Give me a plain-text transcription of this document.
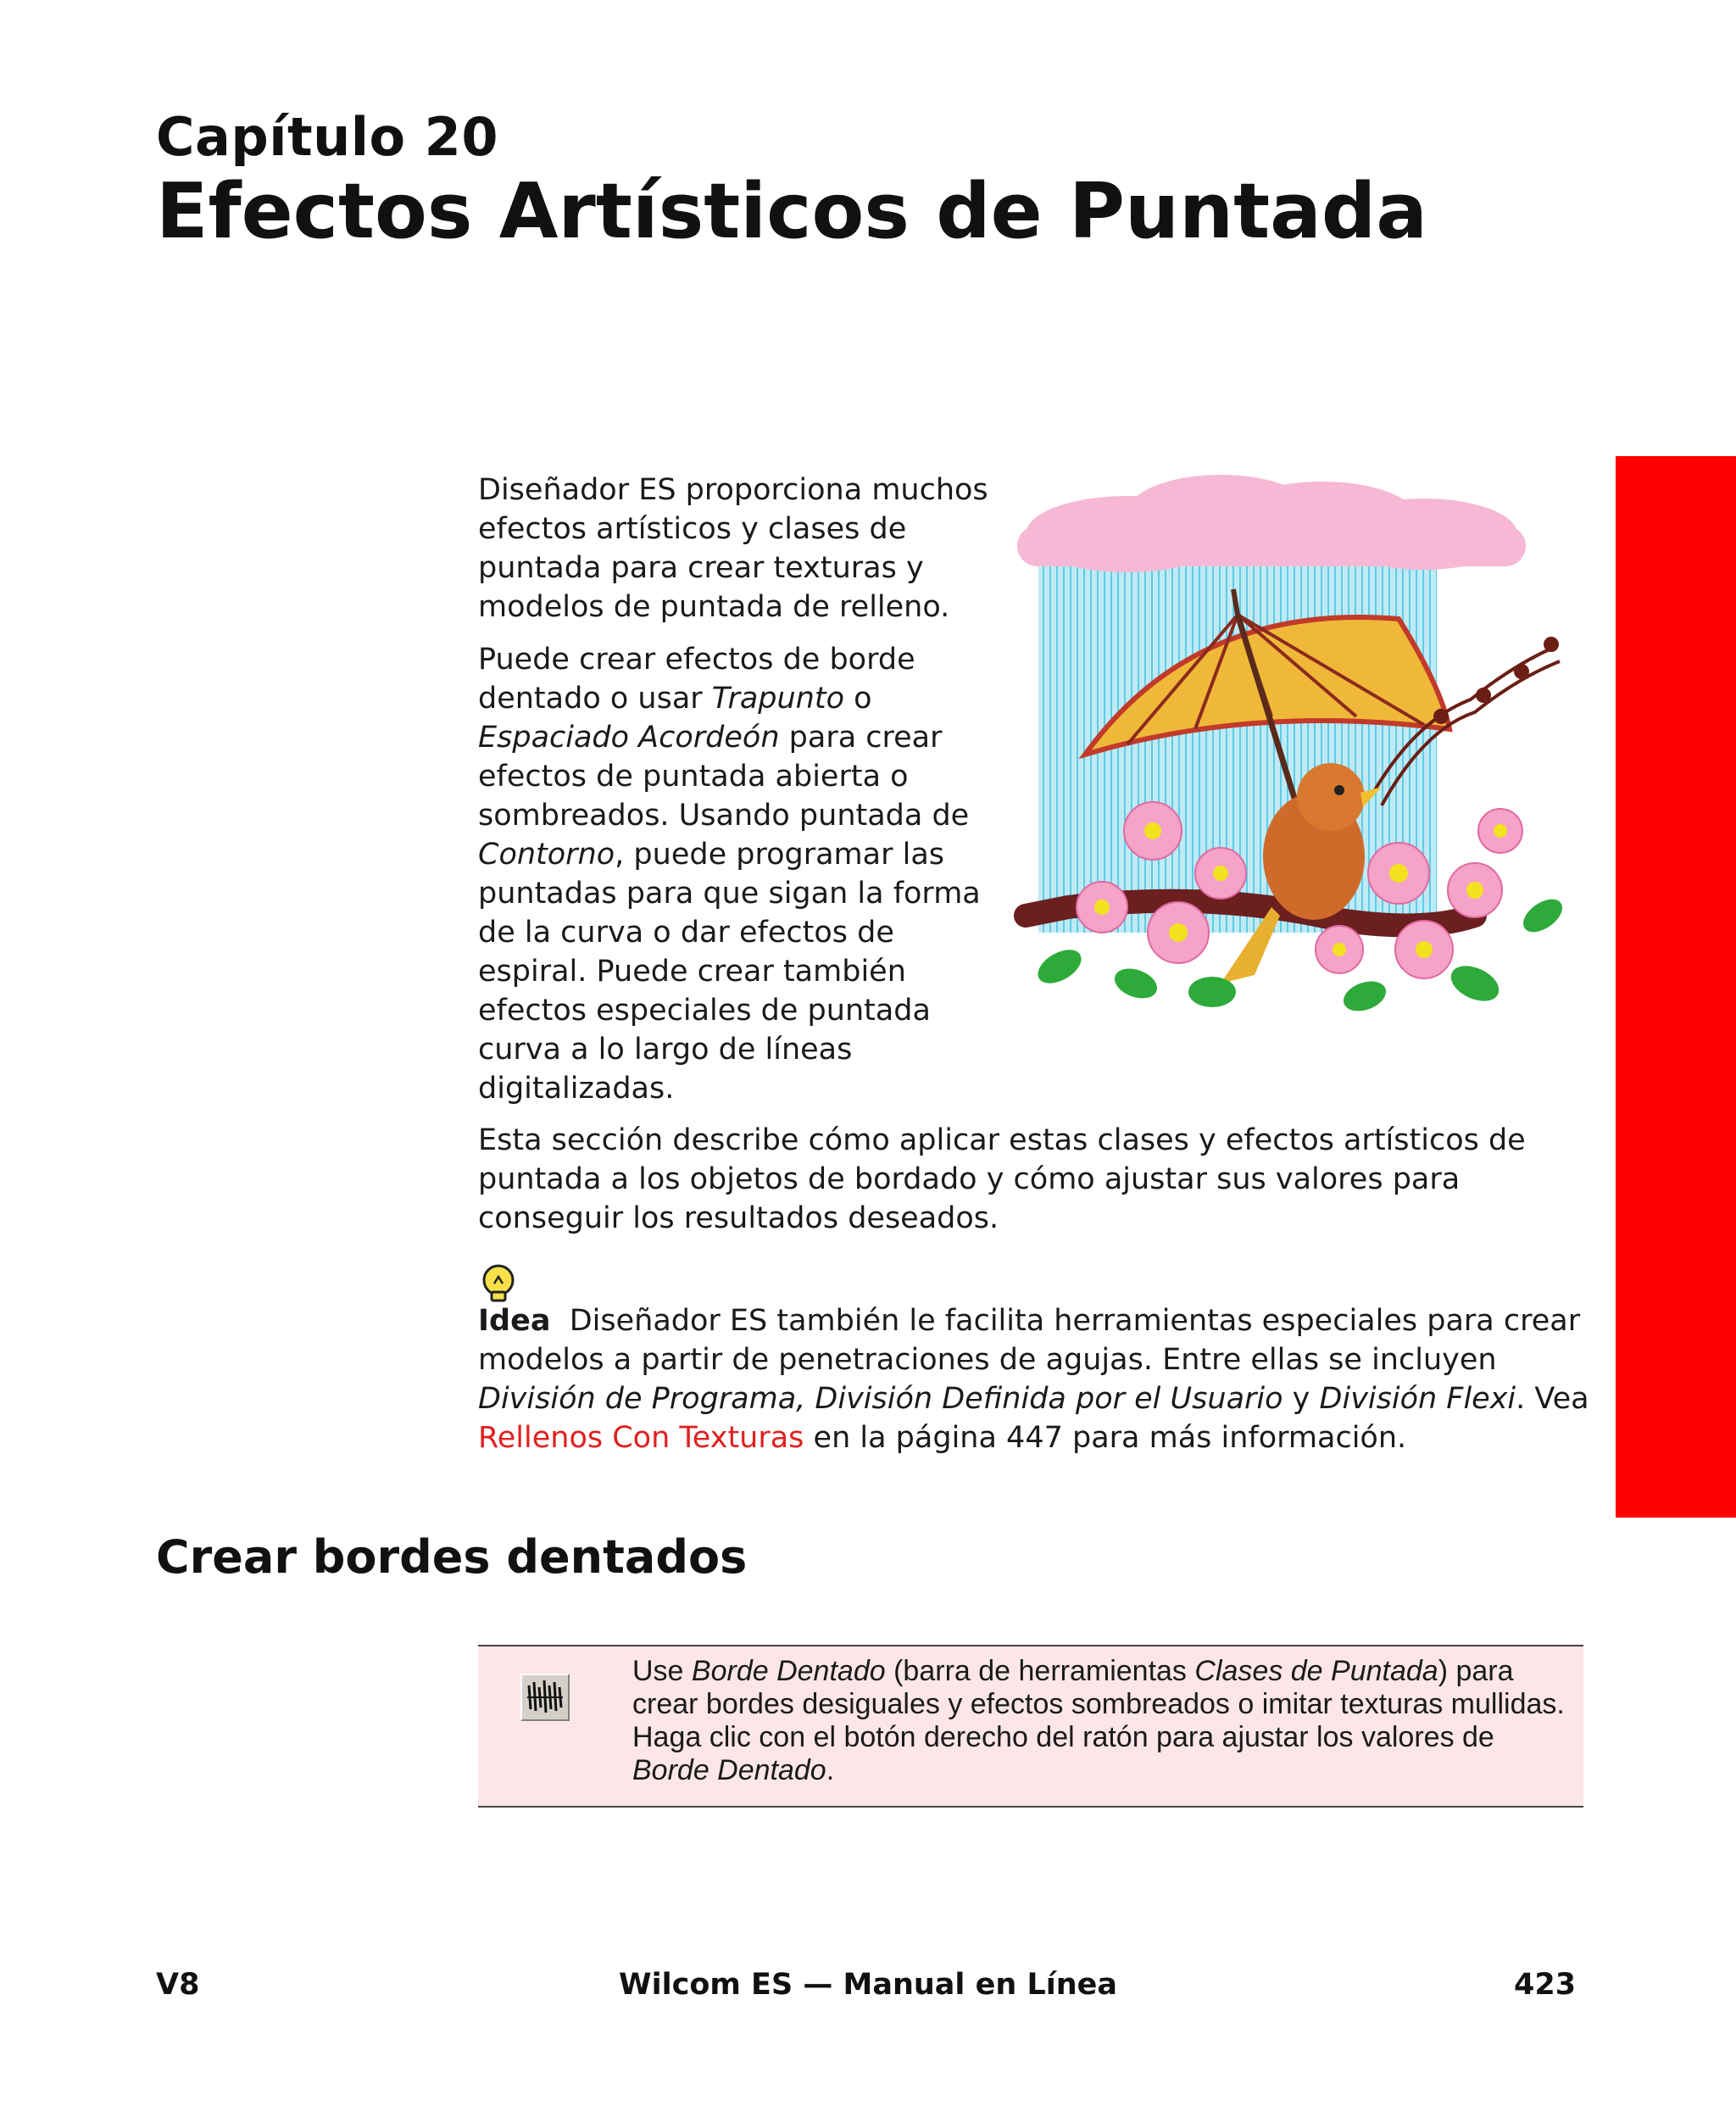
Capítulo 20
Efectos Artísticos de Puntada
Diseñador ES proporciona muchos efectos artísticos y clases de puntada para crear texturas y modelos de puntada de relleno.
Puede crear efectos de borde dentado o usar Trapunto o Espaciado Acordeón para crear efectos de puntada abierta o sombreados. Usando puntada de Contorno, puede programar las puntadas para que sigan la forma de la curva o dar efectos de espiral. Puede crear también efectos especiales de puntada curva a lo largo de líneas digitalizadas.
Esta sección describe cómo aplicar estas clases y efectos artísticos de puntada a los objetos de bordado y cómo ajustar sus valores para conseguir los resultados deseados.
Idea Diseñador ES también le facilita herramientas especiales para crear modelos a partir de penetraciones de agujas. Entre ellas se incluyen División de Programa, División Definida por el Usuario y División Flexi. Vea Rellenos Con Texturas en la página 447 para más información.
Crear bordes dentados
Use Borde Dentado (barra de herramientas Clases de Puntada) para crear bordes desiguales y efectos sombreados o imitar texturas mullidas. Haga clic con el botón derecho del ratón para ajustar los valores de Borde Dentado.
V8	Wilcom ES — Manual en Línea	423
